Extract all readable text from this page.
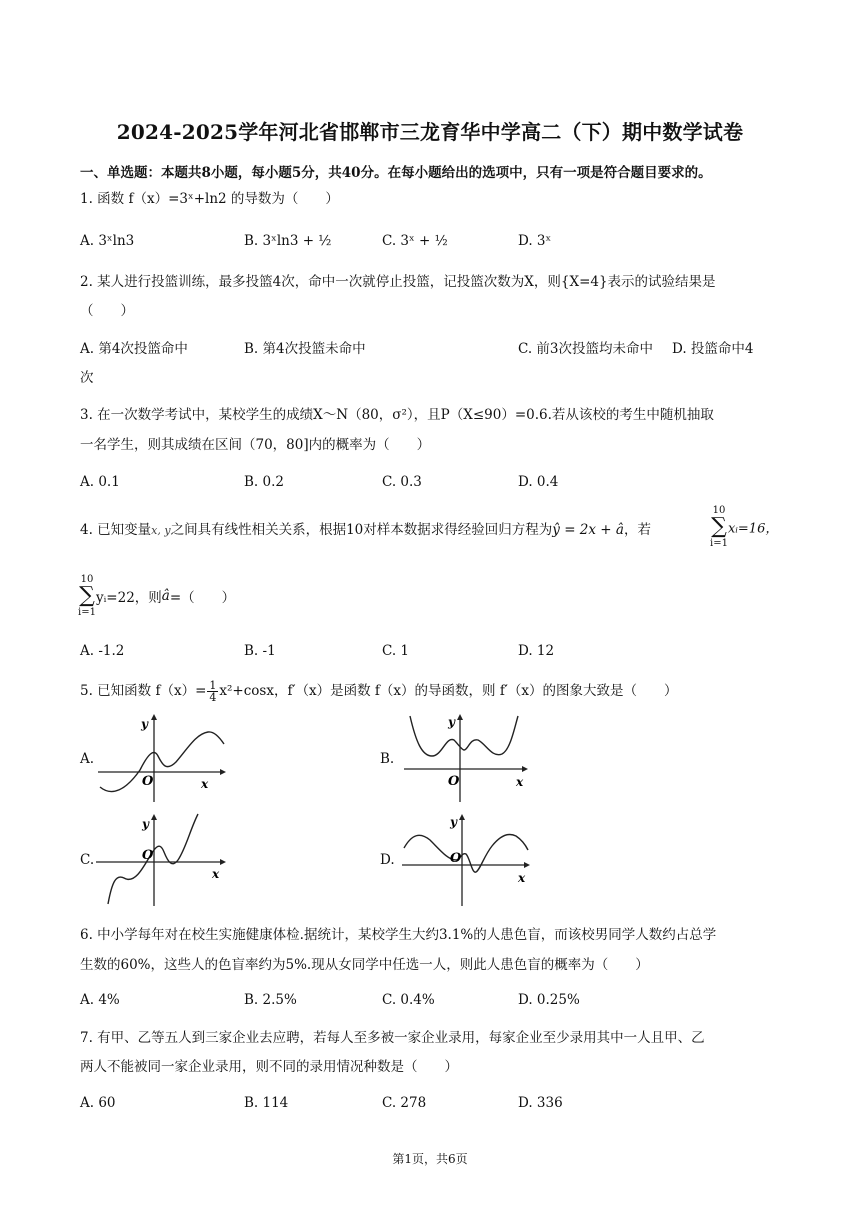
2024-2025学年河北省邯郸市三龙育华中学高二（下）期中数学试卷
一、单选题：本题共8小题，每小题5分，共40分。在每小题给出的选项中，只有一项是符合题目要求的。
1. 函数 f（x）=3ˣ+ln2 的导数为（　　）
A. 3ˣln3	B. 3ˣln3 + ½	C. 3ˣ + ½	D. 3ˣ
2. 某人进行投篮训练，最多投篮4次，命中一次就停止投篮，记投篮次数为X，则{X=4}表示的试验结果是
（　　）
A. 第4次投篮命中	B. 第4次投篮未命中	C. 前3次投篮均未命中 D. 投篮命中4
次
3. 在一次数学考试中，某校学生的成绩X～N（80，σ²），且P（X≤90）=0.6.若从该校的考生中随机抽取
一名学生，则其成绩在区间（70，80]内的概率为（　　）
A. 0.1	B. 0.2	C. 0.3	D. 0.4
4. 已知变量x, y之间具有线性相关关系，根据10对样本数据求得经验回归方程为ŷ = 2x + â，若
10
∑
i=1xᵢ=16，
10
∑
i=1yᵢ=22，则â=（　　）
A. -1.2	B. -1	C. 1	D. 12
5. 已知函数 $f(x)= \frac{1}{4} x^2+\cos x$，f′（x）是函数 f（x）的导函数，则 f′（x）的图象大致是（　　）
A.	B.
C.	D.
y
x
O
y
x
O
y
x
O
y
x
O
6. 中小学每年对在校生实施健康体检.据统计，某校学生大约3.1%的人患色盲，而该校男同学人数约占总学
生数的60%，这些人的色盲率约为5%.现从女同学中任选一人，则此人患色盲的概率为（　　）
A. 4%	B. 2.5%	C. 0.4%	D. 0.25%
7. 有甲、乙等五人到三家企业去应聘，若每人至多被一家企业录用，每家企业至少录用其中一人且甲、乙
两人不能被同一家企业录用，则不同的录用情况种数是（　　）
A. 60	B. 114	C. 278	D. 336
第1页，共6页
